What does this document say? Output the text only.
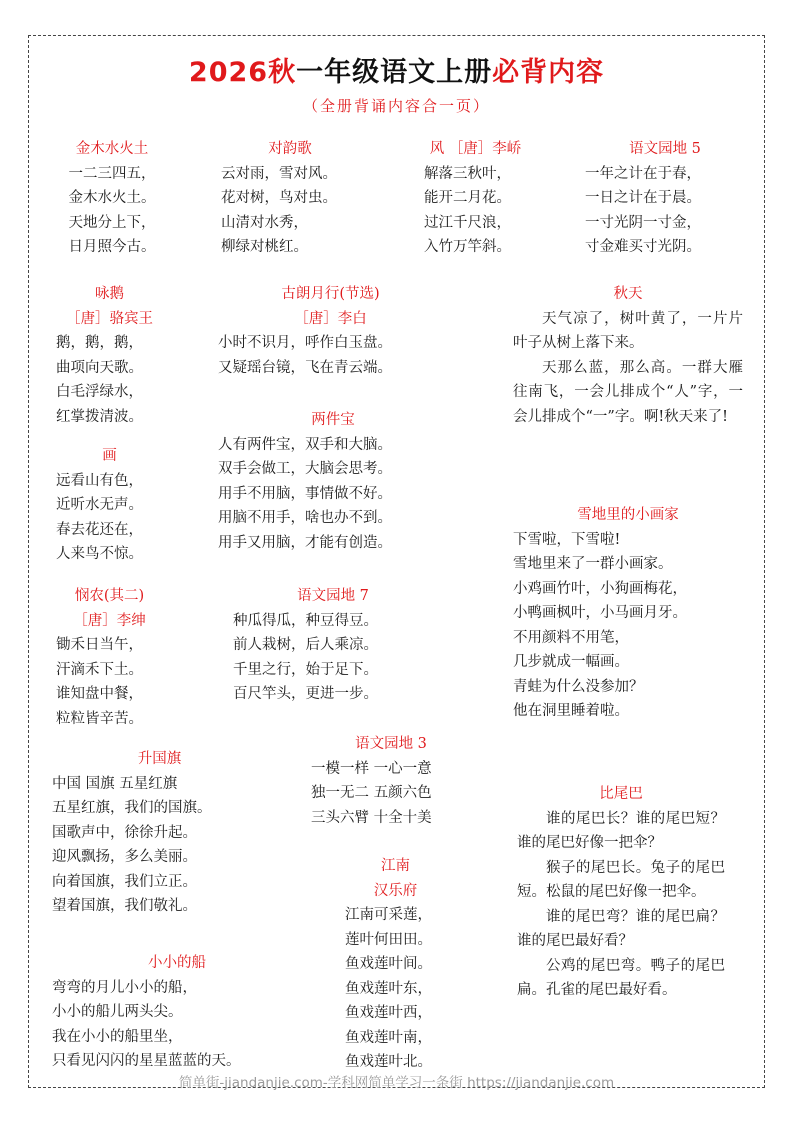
2026秋一年级语文上册必背内容
（全册背诵内容合一页）
金木水火土
一二三四五，
金木水火土。
天地分上下，
日月照今古。
对韵歌
云对雨，雪对风。
花对树，鸟对虫。
山清对水秀，
柳绿对桃红。
风 ［唐］李峤
解落三秋叶，
能开二月花。
过江千尺浪，
入竹万竿斜。
语文园地 5
一年之计在于春，
一日之计在于晨。
一寸光阴一寸金，
寸金难买寸光阴。
咏鹅
［唐］骆宾王
鹅，鹅，鹅，
曲项向天歌。
白毛浮绿水，
红掌拨清波。
古朗月行(节选)
［唐］李白
小时不识月，呼作白玉盘。
又疑瑶台镜，飞在青云端。
秋天
天气凉了，树叶黄了，一片片叶子从树上落下来。
天那么蓝，那么高。一群大雁往南飞，一会儿排成个“人”字，一会儿排成个“一”字。啊!秋天来了!
画
远看山有色，
近听水无声。
春去花还在，
人来鸟不惊。
两件宝
人有两件宝，双手和大脑。
双手会做工，大脑会思考。
用手不用脑，事情做不好。
用脑不用手，啥也办不到。
用手又用脑，才能有创造。
雪地里的小画家
下雪啦，下雪啦!
雪地里来了一群小画家。
小鸡画竹叶，小狗画梅花，
小鸭画枫叶，小马画月牙。
不用颜料不用笔，
几步就成一幅画。
青蛙为什么没参加？
他在洞里睡着啦。
悯农(其二)
［唐］李绅
锄禾日当午，
汗滴禾下土。
谁知盘中餐，
粒粒皆辛苦。
语文园地 7
种瓜得瓜，种豆得豆。
前人栽树，后人乘凉。
千里之行，始于足下。
百尺竿头，更进一步。
升国旗
中国 国旗 五星红旗
五星红旗，我们的国旗。
国歌声中，徐徐升起。
迎风飘扬，多么美丽。
向着国旗，我们立正。
望着国旗，我们敬礼。
语文园地 3
一模一样 一心一意
独一无二 五颜六色
三头六臂 十全十美
比尾巴
谁的尾巴长？谁的尾巴短？谁的尾巴好像一把伞？
猴子的尾巴长。兔子的尾巴短。松鼠的尾巴好像一把伞。
谁的尾巴弯？谁的尾巴扁？谁的尾巴最好看？
公鸡的尾巴弯。鸭子的尾巴扁。孔雀的尾巴最好看。
江南
汉乐府
江南可采莲，
莲叶何田田。
鱼戏莲叶间。
鱼戏莲叶东，
鱼戏莲叶西，
鱼戏莲叶南，
鱼戏莲叶北。
小小的船
弯弯的月儿小小的船，
小小的船儿两头尖。
我在小小的船里坐，
只看见闪闪的星星蓝蓝的天。
简单街-jiandanjie.com-学科网简单学习一条街 https://jiandanjie.com
